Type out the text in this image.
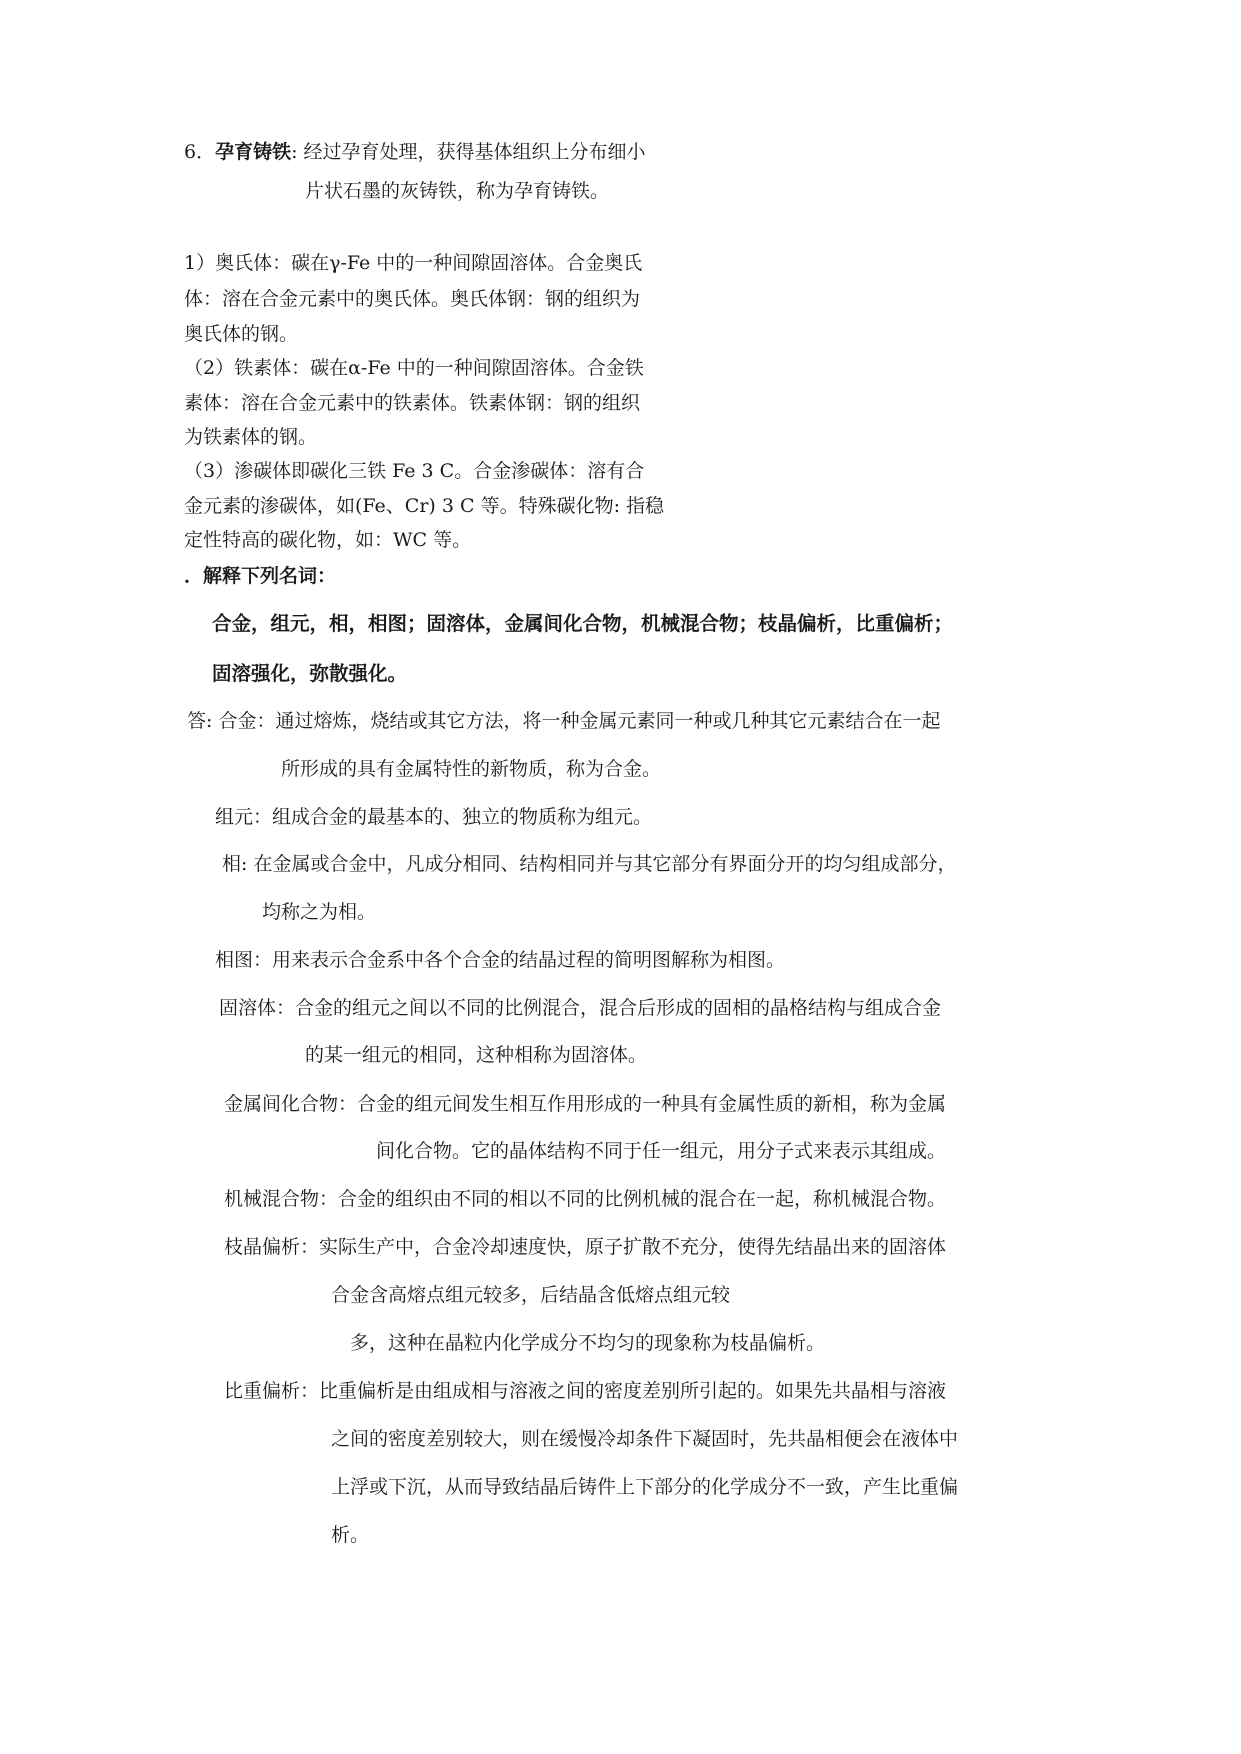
6．孕育铸铁: 经过孕育处理，获得基体组织上分布细小
片状石墨的灰铸铁，称为孕育铸铁。
1）奥氏体：碳在γ-Fe 中的一种间隙固溶体。合金奥氏
体：溶在合金元素中的奥氏体。奥氏体钢：钢的组织为
奥氏体的钢。
（2）铁素体：碳在α-Fe 中的一种间隙固溶体。合金铁
素体：溶在合金元素中的铁素体。铁素体钢：钢的组织
为铁素体的钢。
（3）渗碳体即碳化三铁 Fe 3 C。合金渗碳体：溶有合
金元素的渗碳体，如(Fe、Cr) 3 C 等。特殊碳化物: 指稳
定性特高的碳化物，如：WC 等。
．解释下列名词：
合金，组元，相，相图；固溶体，金属间化合物，机械混合物；枝晶偏析，比重偏析；
固溶强化，弥散强化。
答: 合金：通过熔炼，烧结或其它方法，将一种金属元素同一种或几种其它元素结合在一起
所形成的具有金属特性的新物质，称为合金。
组元：组成合金的最基本的、独立的物质称为组元。
相: 在金属或合金中，凡成分相同、结构相同并与其它部分有界面分开的均匀组成部分，
均称之为相。
相图：用来表示合金系中各个合金的结晶过程的简明图解称为相图。
固溶体：合金的组元之间以不同的比例混合，混合后形成的固相的晶格结构与组成合金
的某一组元的相同，这种相称为固溶体。
金属间化合物：合金的组元间发生相互作用形成的一种具有金属性质的新相，称为金属
间化合物。它的晶体结构不同于任一组元，用分子式来表示其组成。
机械混合物：合金的组织由不同的相以不同的比例机械的混合在一起，称机械混合物。
枝晶偏析：实际生产中，合金冷却速度快，原子扩散不充分，使得先结晶出来的固溶体
合金含高熔点组元较多，后结晶含低熔点组元较
多，这种在晶粒内化学成分不均匀的现象称为枝晶偏析。
比重偏析：比重偏析是由组成相与溶液之间的密度差别所引起的。如果先共晶相与溶液
之间的密度差别较大，则在缓慢冷却条件下凝固时，先共晶相便会在液体中
上浮或下沉，从而导致结晶后铸件上下部分的化学成分不一致，产生比重偏
析。
